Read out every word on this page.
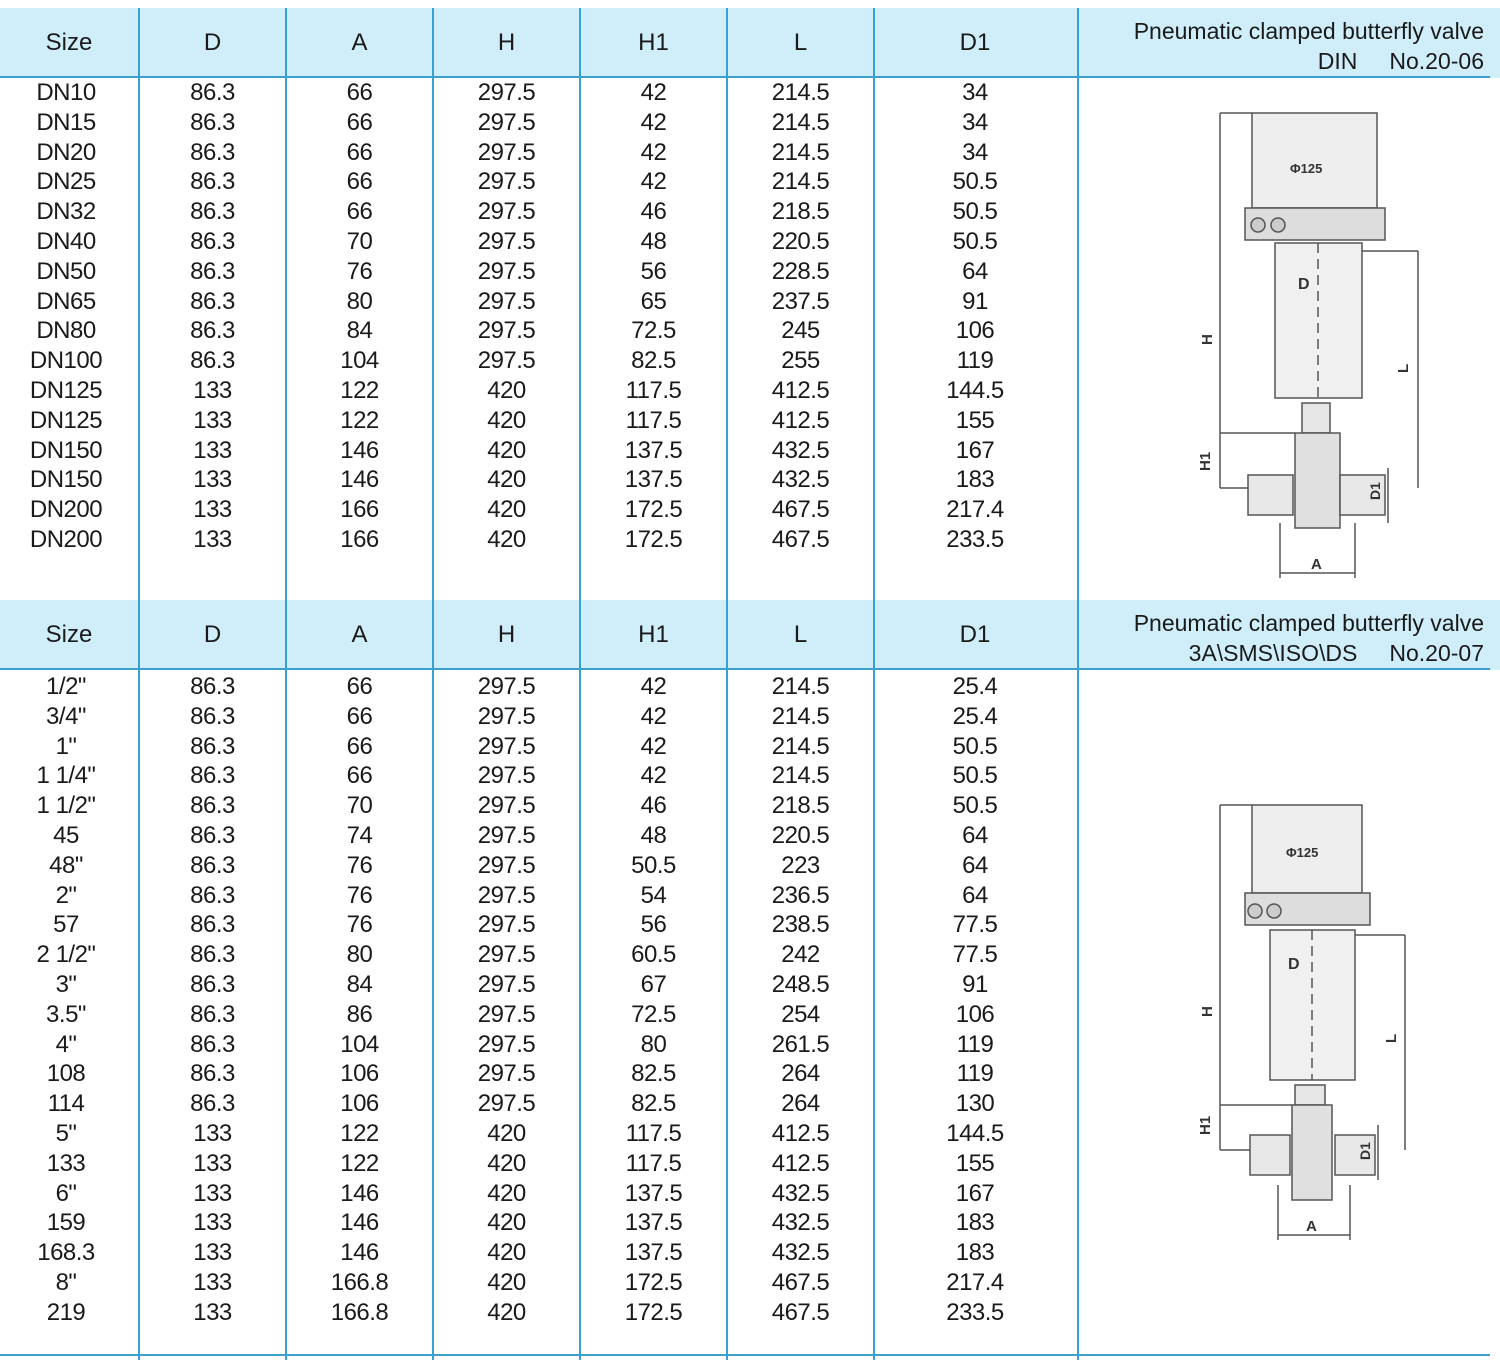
Size	D	A	H	H1	L	D1	Pneumatic clamped butterfly valve
DIN No.20-06
DN10	86.3	66	297.5	42	214.5	34
DN15	86.3	66	297.5	42	214.5	34
DN20	86.3	66	297.5	42	214.5	34
DN25	86.3	66	297.5	42	214.5	50.5
DN32	86.3	66	297.5	46	218.5	50.5
DN40	86.3	70	297.5	48	220.5	50.5
DN50	86.3	76	297.5	56	228.5	64
DN65	86.3	80	297.5	65	237.5	91
DN80	86.3	84	297.5	72.5	245	106
DN100	86.3	104	297.5	82.5	255	119
DN125	133	122	420	117.5	412.5	144.5
DN125	133	122	420	117.5	412.5	155
DN150	133	146	420	137.5	432.5	167
DN150	133	146	420	137.5	432.5	183
DN200	133	166	420	172.5	467.5	217.4
DN200	133	166	420	172.5	467.5	233.5
Φ125
D
H
L
H1
D1
A
Size	D	A	H	H1	L	D1	Pneumatic clamped butterfly valve
3A\SMS\ISO\DS No.20-07
1/2"	86.3	66	297.5	42	214.5	25.4
3/4"	86.3	66	297.5	42	214.5	25.4
1"	86.3	66	297.5	42	214.5	50.5
1 1/4"	86.3	66	297.5	42	214.5	50.5
1 1/2"	86.3	70	297.5	46	218.5	50.5
45	86.3	74	297.5	48	220.5	64
48"	86.3	76	297.5	50.5	223	64
2"	86.3	76	297.5	54	236.5	64
57	86.3	76	297.5	56	238.5	77.5
2 1/2"	86.3	80	297.5	60.5	242	77.5
3"	86.3	84	297.5	67	248.5	91
3.5"	86.3	86	297.5	72.5	254	106
4"	86.3	104	297.5	80	261.5	119
108	86.3	106	297.5	82.5	264	119
114	86.3	106	297.5	82.5	264	130
5"	133	122	420	117.5	412.5	144.5
133	133	122	420	117.5	412.5	155
6"	133	146	420	137.5	432.5	167
159	133	146	420	137.5	432.5	183
168.3	133	146	420	137.5	432.5	183
8"	133	166.8	420	172.5	467.5	217.4
219	133	166.8	420	172.5	467.5	233.5
Φ125
D
H
L
H1
D1
A
